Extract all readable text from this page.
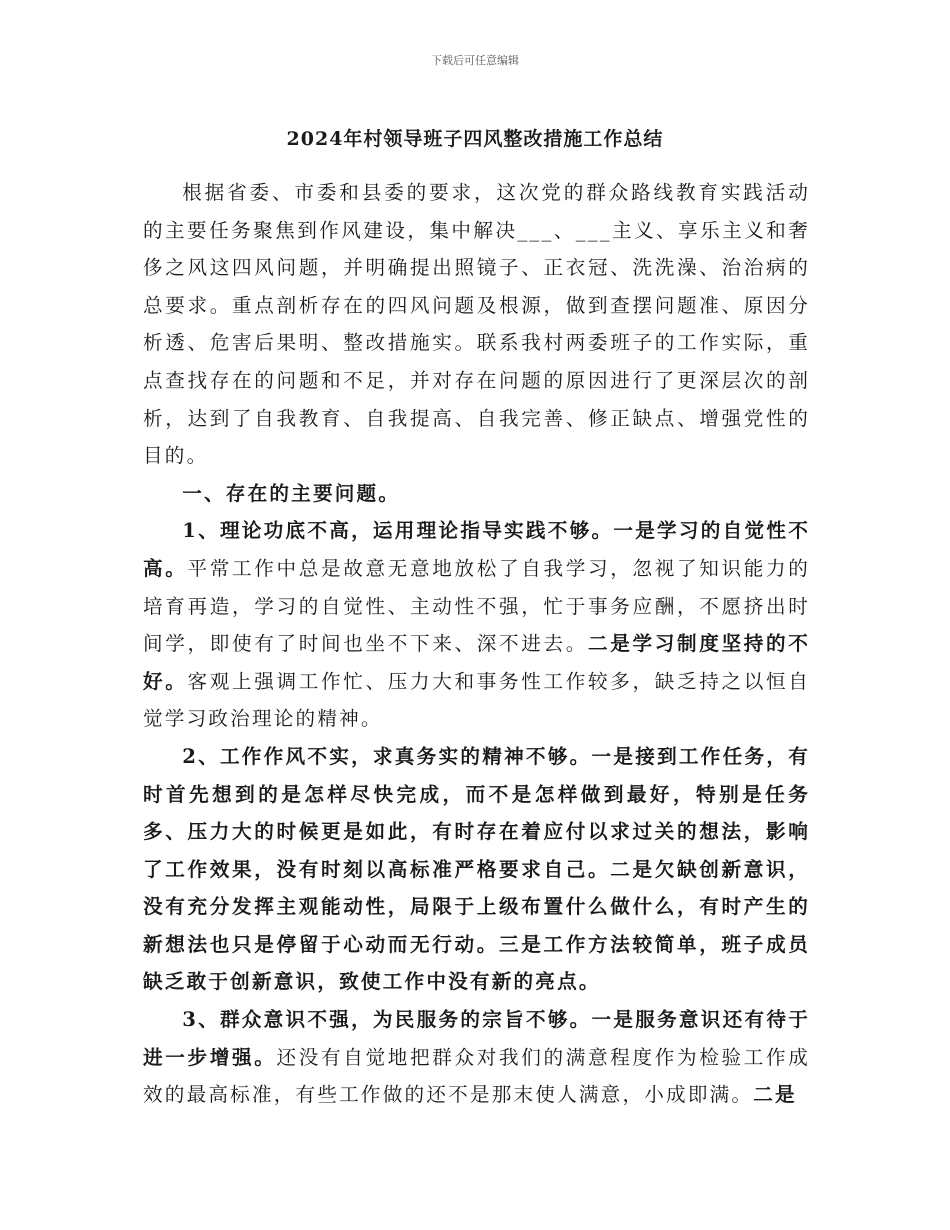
下载后可任意编辑
2024年村领导班子四风整改措施工作总结

根据省委、市委和县委的要求，这次党的群众路线教育实践活动的主要任务聚焦到作风建设，集中解决___、___主义、享乐主义和奢侈之风这四风问题，并明确提出照镜子、正衣冠、洗洗澡、治治病的总要求。重点剖析存在的四风问题及根源，做到查摆问题准、原因分析透、危害后果明、整改措施实。联系我村两委班子的工作实际，重点查找存在的问题和不足，并对存在问题的原因进行了更深层次的剖析，达到了自我教育、自我提高、自我完善、修正缺点、增强党性的目的。

一、存在的主要问题。

1、理论功底不高，运用理论指导实践不够。一是学习的自觉性不高。平常工作中总是故意无意地放松了自我学习，忽视了知识能力的培育再造，学习的自觉性、主动性不强，忙于事务应酬，不愿挤出时间学，即使有了时间也坐不下来、深不进去。二是学习制度坚持的不好。客观上强调工作忙、压力大和事务性工作较多，缺乏持之以恒自觉学习政治理论的精神。

2、工作作风不实，求真务实的精神不够。一是接到工作任务，有时首先想到的是怎样尽快完成，而不是怎样做到最好，特别是任务多、压力大的时候更是如此，有时存在着应付以求过关的想法，影响了工作效果，没有时刻以高标准严格要求自己。二是欠缺创新意识，没有充分发挥主观能动性，局限于上级布置什么做什么，有时产生的新想法也只是停留于心动而无行动。三是工作方法较简单，班子成员缺乏敢于创新意识，致使工作中没有新的亮点。

3、群众意识不强，为民服务的宗旨不够。一是服务意识还有待于进一步增强。还没有自觉地把群众对我们的满意程度作为检验工作成效的最高标准，有些工作做的还不是那末使人满意，小成即满。二是
